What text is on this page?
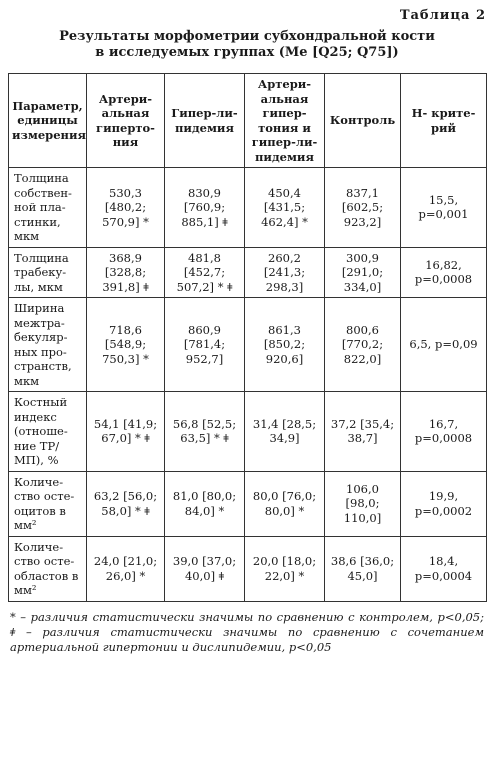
Таблица 2
Результаты морфометрии субхондральной кости
в исследуемых группах (Me [Q25; Q75])
Параметр, единицы измерения	Артери-альная гиперто-ния	Гипер-ли-пидемия	Артери-альная гипер-тония и гипер-ли-пидемия	Контроль	H- крите-рий
Толщина собствен-ной пла-стинки, мкм	530,3 [480,2; 570,9] *	830,9 [760,9; 885,1] ǂ	450,4 [431,5; 462,4] *	837,1 [602,5; 923,2]	15,5, p=0,001
Толщина трабеку-лы, мкм	368,9 [328,8; 391,8] ǂ	481,8 [452,7; 507,2] * ǂ	260,2 [241,3; 298,3]	300,9 [291,0; 334,0]	16,82, p=0,0008
Ширина межтра-бекуляр-ных про-странств, мкм	718,6 [548,9; 750,3] *	860,9 [781,4; 952,7]	861,3 [850,2; 920,6]	800,6 [770,2; 822,0]	6,5, p=0,09
Костный индекс (отноше-ние ТР/ МП), %	54,1 [41,9; 67,0] * ǂ	56,8 [52,5; 63,5] * ǂ	31,4 [28,5; 34,9]	37,2 [35,4; 38,7]	16,7, p=0,0008
Количе-ство осте-оцитов в мм²	63,2 [56,0; 58,0] * ǂ	81,0 [80,0; 84,0] *	80,0 [76,0; 80,0] *	106,0 [98,0; 110,0]	19,9, p=0,0002
Количе-ство осте-областов в мм²	24,0 [21,0; 26,0] *	39,0 [37,0; 40,0] ǂ	20,0 [18,0; 22,0] *	38,6 [36,0; 45,0]	18,4, p=0,0004
* – различия статистически значимы по сравнению с контролем, p<0,05; ǂ – различия статистически значимы по сравнению с сочетанием артериальной гипертонии и дислипидемии, p<0,05
